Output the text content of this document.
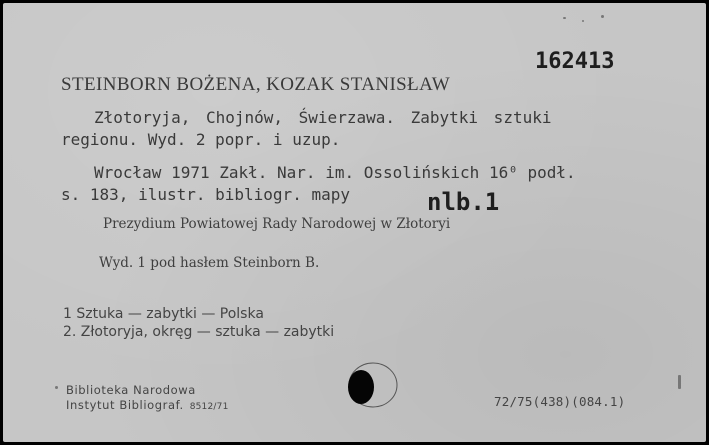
162413
STEINBORN BOŻENA, KOZAK STANISŁAW
Złotoryja, Chojnów, Świerzawa. Zabytki sztuki
regionu. Wyd. 2 popr. i uzup.
Wrocław 1971 Zakł. Nar. im. Ossolińskich 16⁰ podł.
s. 183, ilustr. bibliogr. mapy	nlb.1
Prezydium Powiatowej Rady Narodowej w Złotoryi
Wyd. 1 pod hasłem Steinborn B.
1 Sztuka — zabytki — Polska
2. Złotoryja, okręg — sztuka — zabytki
Biblioteka Narodowa
Instytut Bibliograf. 8512/71	72/75(438)(084.1)
